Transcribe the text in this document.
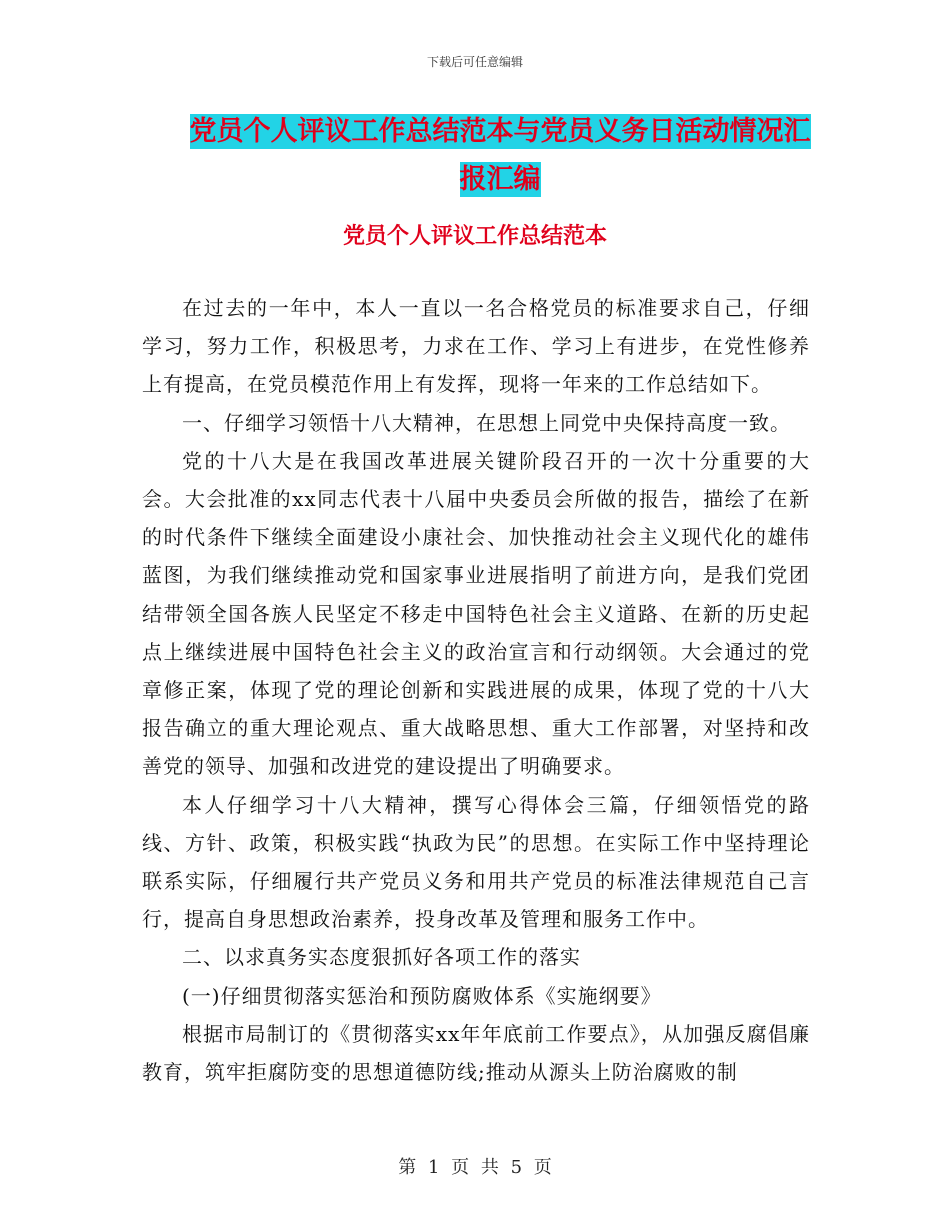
下载后可任意编辑
党员个人评议工作总结范本与党员义务日活动情况汇
报汇编
党员个人评议工作总结范本

在过去的一年中，本人一直以一名合格党员的标准要求自己，仔细学习，努力工作，积极思考，力求在工作、学习上有进步，在党性修养上有提高，在党员模范作用上有发挥，现将一年来的工作总结如下。

一、仔细学习领悟十八大精神，在思想上同党中央保持高度一致。

党的十八大是在我国改革进展关键阶段召开的一次十分重要的大会。大会批准的xx同志代表十八届中央委员会所做的报告，描绘了在新的时代条件下继续全面建设小康社会、加快推动社会主义现代化的雄伟蓝图，为我们继续推动党和国家事业进展指明了前进方向，是我们党团结带领全国各族人民坚定不移走中国特色社会主义道路、在新的历史起点上继续进展中国特色社会主义的政治宣言和行动纲领。大会通过的党章修正案，体现了党的理论创新和实践进展的成果，体现了党的十八大报告确立的重大理论观点、重大战略思想、重大工作部署，对坚持和改善党的领导、加强和改进党的建设提出了明确要求。

本人仔细学习十八大精神，撰写心得体会三篇，仔细领悟党的路线、方针、政策，积极实践“执政为民”的思想。在实际工作中坚持理论联系实际，仔细履行共产党员义务和用共产党员的标准法律规范自己言行，提高自身思想政治素养，投身改革及管理和服务工作中。

二、以求真务实态度狠抓好各项工作的落实

(一)仔细贯彻落实惩治和预防腐败体系《实施纲要》

根据市局制订的《贯彻落实xx年年底前工作要点》，从加强反腐倡廉教育，筑牢拒腐防变的思想道德防线;推动从源头上防治腐败的制

第 1 页 共 5 页
